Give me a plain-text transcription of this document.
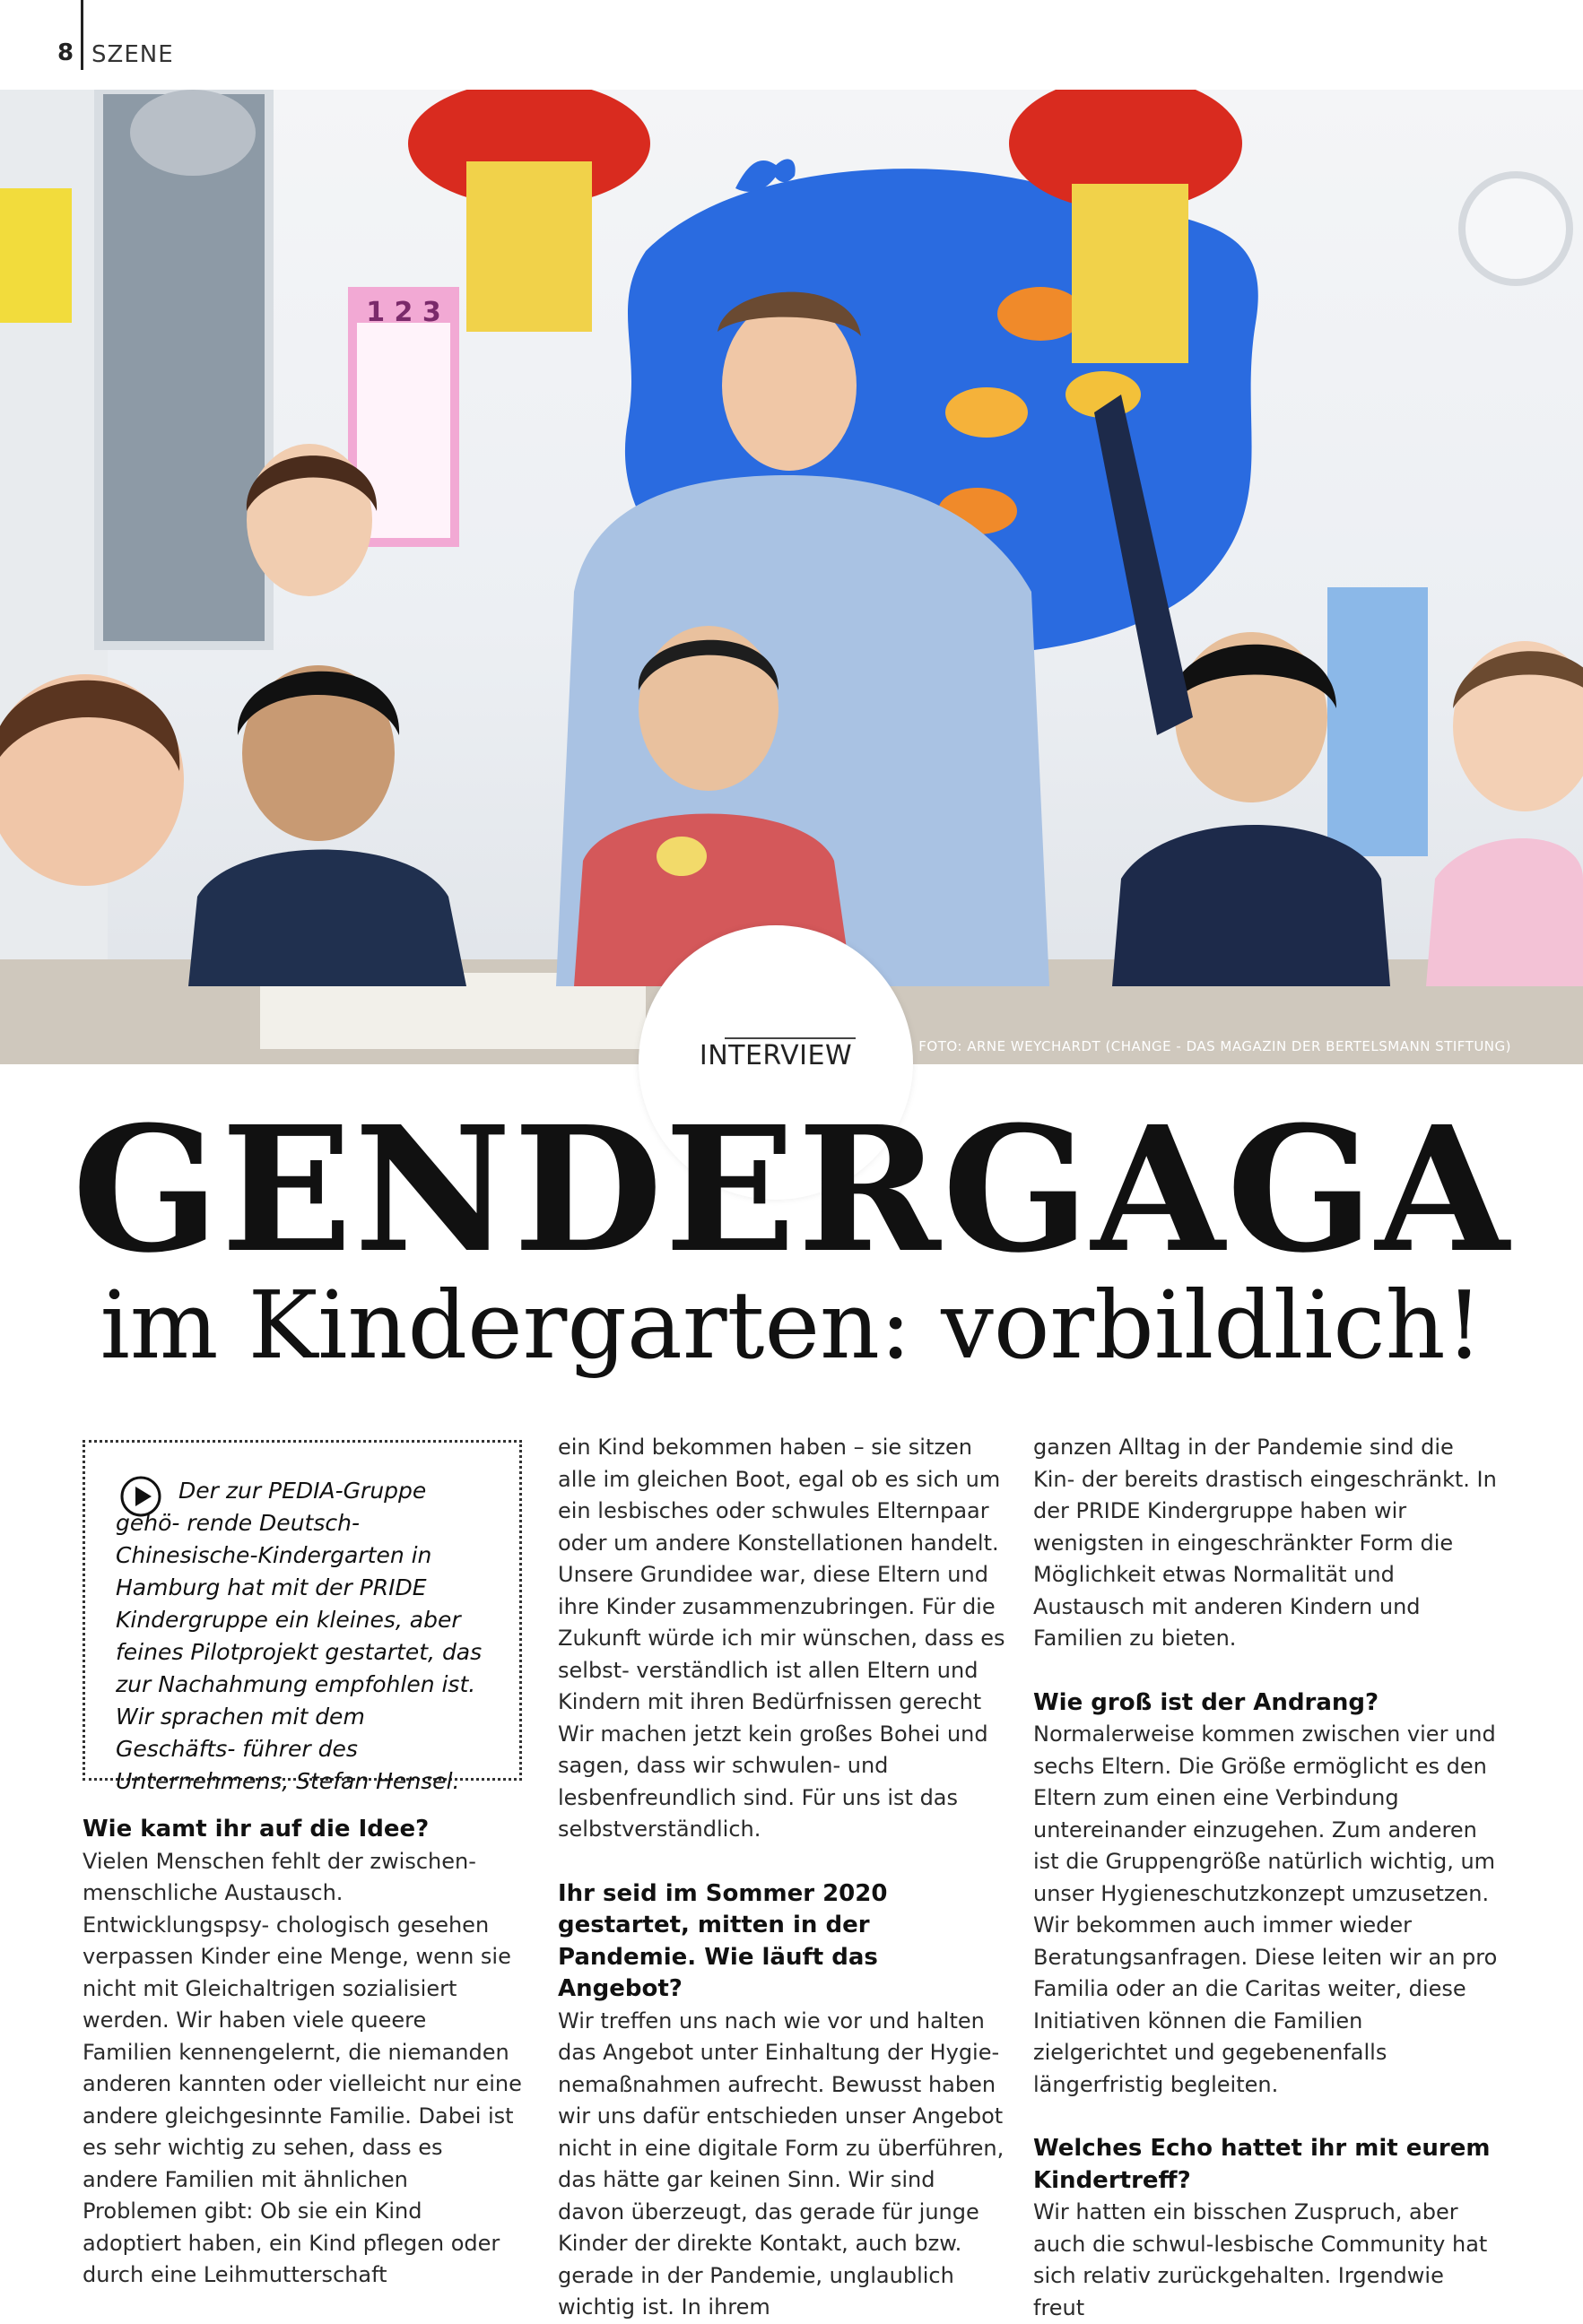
8 SZENE
1 2 3
FOTO: ARNE WEYCHARDT (CHANGE - DAS MAGAZIN DER BERTELSMANN STIFTUNG)
INTERVIEW
GENDERGAGA
im Kindergarten: vorbildlich!

Der zur PEDIA-Gruppe gehö- rende Deutsch-Chinesische-Kindergarten in Hamburg hat mit der PRIDE Kindergruppe ein kleines, aber feines Pilotprojekt gestartet, das zur Nachahmung empfohlen ist. Wir sprachen mit dem Geschäfts- führer des Unternehmens, Stefan Hensel.

Wie kamt ihr auf die Idee?

Vielen Menschen fehlt der zwischen- menschliche Austausch. Entwicklungspsy- chologisch gesehen verpassen Kinder eine Menge, wenn sie nicht mit Gleichaltrigen sozialisiert werden. Wir haben viele queere Familien kennengelernt, die niemanden anderen kannten oder vielleicht nur eine andere gleichgesinnte Familie. Dabei ist es sehr wichtig zu sehen, dass es andere Familien mit ähnlichen Problemen gibt: Ob sie ein Kind adoptiert haben, ein Kind pflegen oder durch eine Leihmutterschaft

ein Kind bekommen haben – sie sitzen alle im gleichen Boot, egal ob es sich um ein lesbisches oder schwules Elternpaar oder um andere Konstellationen handelt. Unsere Grundidee war, diese Eltern und ihre Kinder zusammenzubringen. Für die Zukunft würde ich mir wünschen, dass es selbst- verständlich ist allen Eltern und Kindern mit ihren Bedürfnissen gerecht Wir machen jetzt kein großes Bohei und sagen, dass wir schwulen- und lesbenfreundlich sind. Für uns ist das selbstverständlich.

Ihr seid im Sommer 2020 gestartet, mitten in der Pandemie. Wie läuft das Angebot?

Wir treffen uns nach wie vor und halten das Angebot unter Einhaltung der Hygie- nemaßnahmen aufrecht. Bewusst haben wir uns dafür entschieden unser Angebot nicht in eine digitale Form zu überführen, das hätte gar keinen Sinn. Wir sind davon überzeugt, das gerade für junge Kinder der direkte Kontakt, auch bzw. gerade in der Pandemie, unglaublich wichtig ist. In ihrem

ganzen Alltag in der Pandemie sind die Kin- der bereits drastisch eingeschränkt. In der PRIDE Kindergruppe haben wir wenigsten in eingeschränkter Form die Möglichkeit etwas Normalität und Austausch mit anderen Kindern und Familien zu bieten.

Wie groß ist der Andrang?

Normalerweise kommen zwischen vier und sechs Eltern. Die Größe ermöglicht es den Eltern zum einen eine Verbindung untereinander einzugehen. Zum anderen ist die Gruppengröße natürlich wichtig, um unser Hygieneschutzkonzept umzusetzen. Wir bekommen auch immer wieder Beratungsanfragen. Diese leiten wir an pro Familia oder an die Caritas weiter, diese Initiativen können die Familien zielgerichtet und gegebenenfalls längerfristig begleiten.

Welches Echo hattet ihr mit eurem Kindertreff?

Wir hatten ein bisschen Zuspruch, aber auch die schwul-lesbische Community hat sich relativ zurückgehalten. Irgendwie freut
